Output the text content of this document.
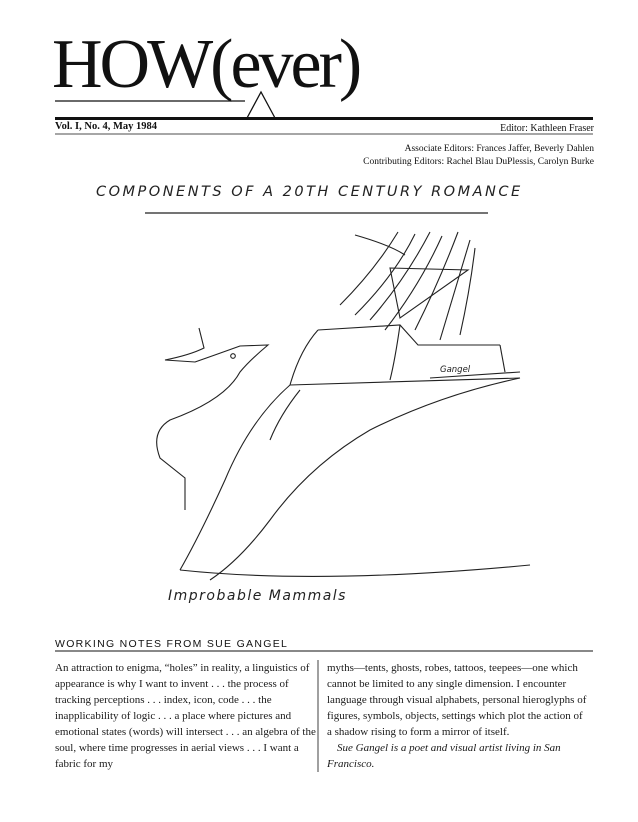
HOW(ever)
Vol. I, No. 4, May 1984	Editor: Kathleen Fraser
Associate Editors: Frances Jaffer, Beverly Dahlen
Contributing Editors: Rachel Blau DuPlessis, Carolyn Burke
COMPONENTS OF A 20TH CENTURY ROMANCE
Gangel
Improbable Mammals
WORKING NOTES FROM SUE GANGEL

An attraction to enigma, “holes” in reality, a linguistics of appearance is why I want to invent . . . the process of tracking perceptions . . . index, icon, code . . . the inapplicability of logic . . . a place where pictures and emotional states (words) will intersect . . . an algebra of the soul, where time progresses in aerial views . . . I want a fabric for my

myths—tents, ghosts, robes, tattoos, teepees—one which cannot be limited to any single dimension. I encounter language through visual alphabets, personal hieroglyphs of figures, symbols, objects, settings which plot the action of a shadow rising to form a mirror of itself.

Sue Gangel is a poet and visual artist living in San Francisco.
